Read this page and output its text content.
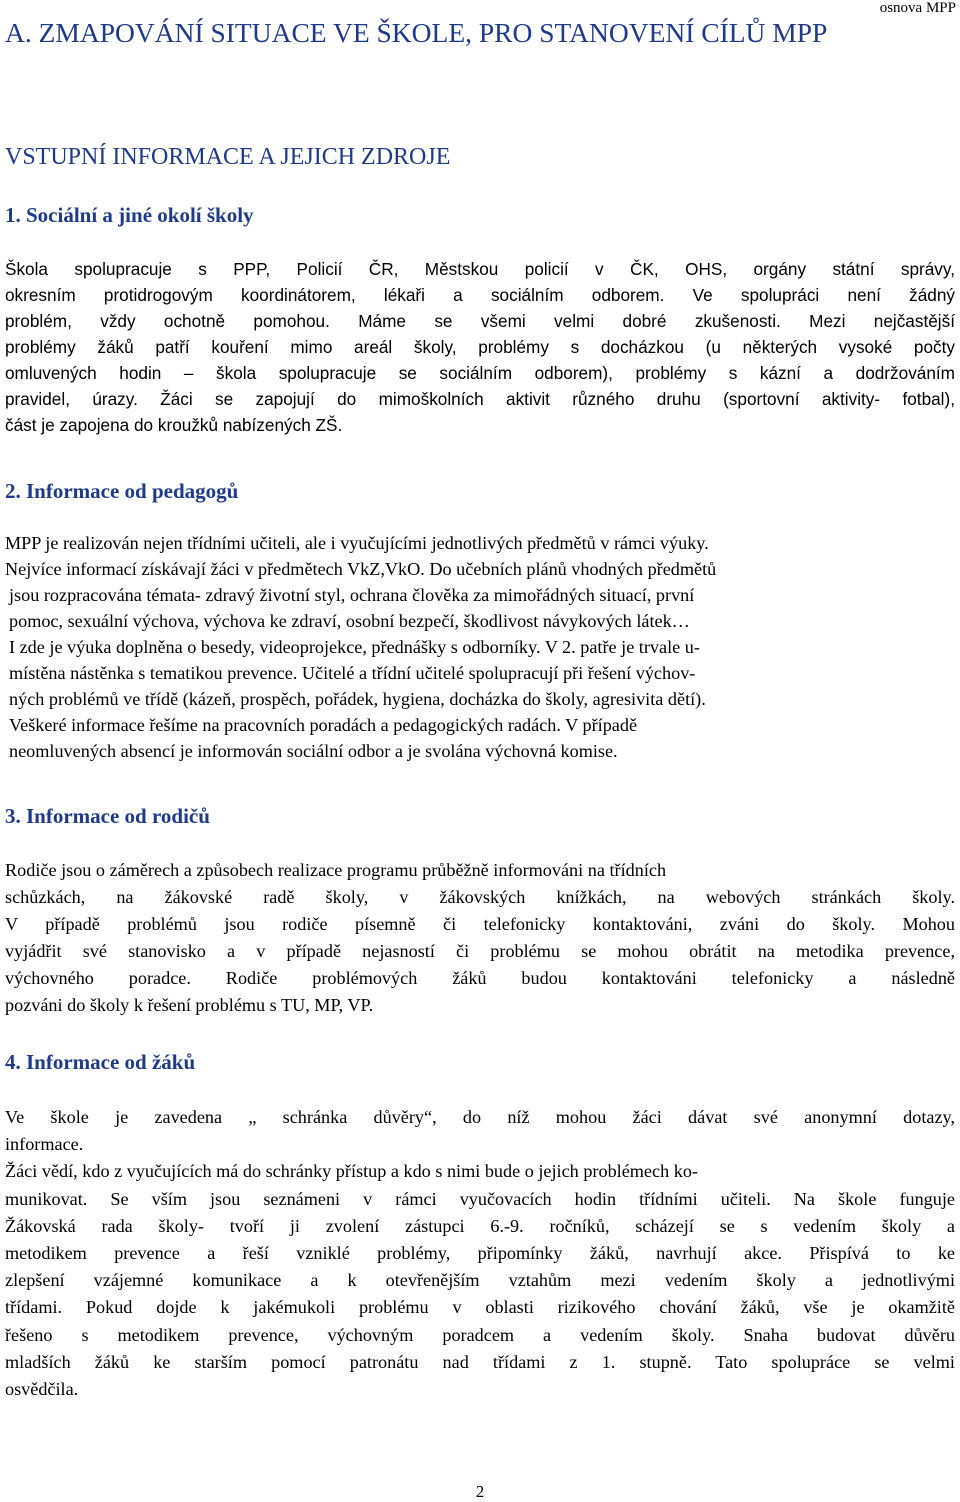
osnova MPP
A. ZMAPOVÁNÍ SITUACE VE ŠKOLE, PRO STANOVENÍ CÍLŮ MPP
VSTUPNÍ INFORMACE A JEJICH ZDROJE
1. Sociální a jiné okolí školy
Škola spolupracuje s PPP, Policií ČR, Městskou policií v ČK, OHS, orgány státní správy,
okresním protidrogovým koordinátorem, lékaři a sociálním odborem. Ve spolupráci není žádný
problém, vždy ochotně pomohou. Máme se všemi velmi dobré zkušenosti. Mezi nejčastější
problémy žáků patří kouření mimo areál školy, problémy s docházkou (u některých vysoké počty
omluvených hodin – škola spolupracuje se sociálním odborem), problémy s kázní a dodržováním
pravidel, úrazy. Žáci se zapojují do mimoškolních aktivit různého druhu (sportovní aktivity- fotbal),
část je zapojena do kroužků nabízených ZŠ.
2. Informace od pedagogů
MPP je realizován nejen třídními učiteli, ale i vyučujícími jednotlivých předmětů v rámci výuky.
Nejvíce informací získávají žáci v předmětech VkZ,VkO. Do učebních plánů vhodných předmětů
jsou rozpracována témata- zdravý životní styl, ochrana člověka za mimořádných situací, první
pomoc, sexuální výchova, výchova ke zdraví, osobní bezpečí, škodlivost návykových látek…
I zde je výuka doplněna o besedy, videoprojekce, přednášky s odborníky. V 2. patře je trvale u-
místěna nástěnka s tematikou prevence. Učitelé a třídní učitelé spolupracují při řešení výchov-
ných problémů ve třídě (kázeň, prospěch, pořádek, hygiena, docházka do školy, agresivita dětí).
Veškeré informace řešíme na pracovních poradách a pedagogických radách. V případě
neomluvených absencí je informován sociální odbor a je svolána výchovná komise.
3. Informace od rodičů
Rodiče jsou o záměrech a způsobech realizace programu průběžně informováni na třídních
schůzkách, na žákovské radě školy, v žákovských knížkách, na webových stránkách školy.
V případě problémů jsou rodiče písemně či telefonicky kontaktováni, zváni do školy. Mohou
vyjádřit své stanovisko a v případě nejasností či problému se mohou obrátit na metodika prevence,
výchovného poradce. Rodiče problémových žáků budou kontaktováni telefonicky a následně
pozváni do školy k řešení problému s TU, MP, VP.
4. Informace od žáků
Ve škole je zavedena „ schránka důvěry“, do níž mohou žáci dávat své anonymní dotazy,
informace.
Žáci vědí, kdo z vyučujících má do schránky přístup a kdo s nimi bude o jejich problémech ko-
munikovat. Se vším jsou seznámeni v rámci vyučovacích hodin třídními učiteli. Na škole funguje
Žákovská rada školy- tvoří ji zvolení zástupci 6.-9. ročníků, scházejí se s vedením školy a
metodikem prevence a řeší vzniklé problémy, připomínky žáků, navrhují akce. Přispívá to ke
zlepšení vzájemné komunikace a k otevřenějším vztahům mezi vedením školy a jednotlivými
třídami. Pokud dojde k jakémukoli problému v oblasti rizikového chování žáků, vše je okamžitě
řešeno s metodikem prevence, výchovným poradcem a vedením školy. Snaha budovat důvěru
mladších žáků ke starším pomocí patronátu nad třídami z 1. stupně. Tato spolupráce se velmi
osvědčila.
2
